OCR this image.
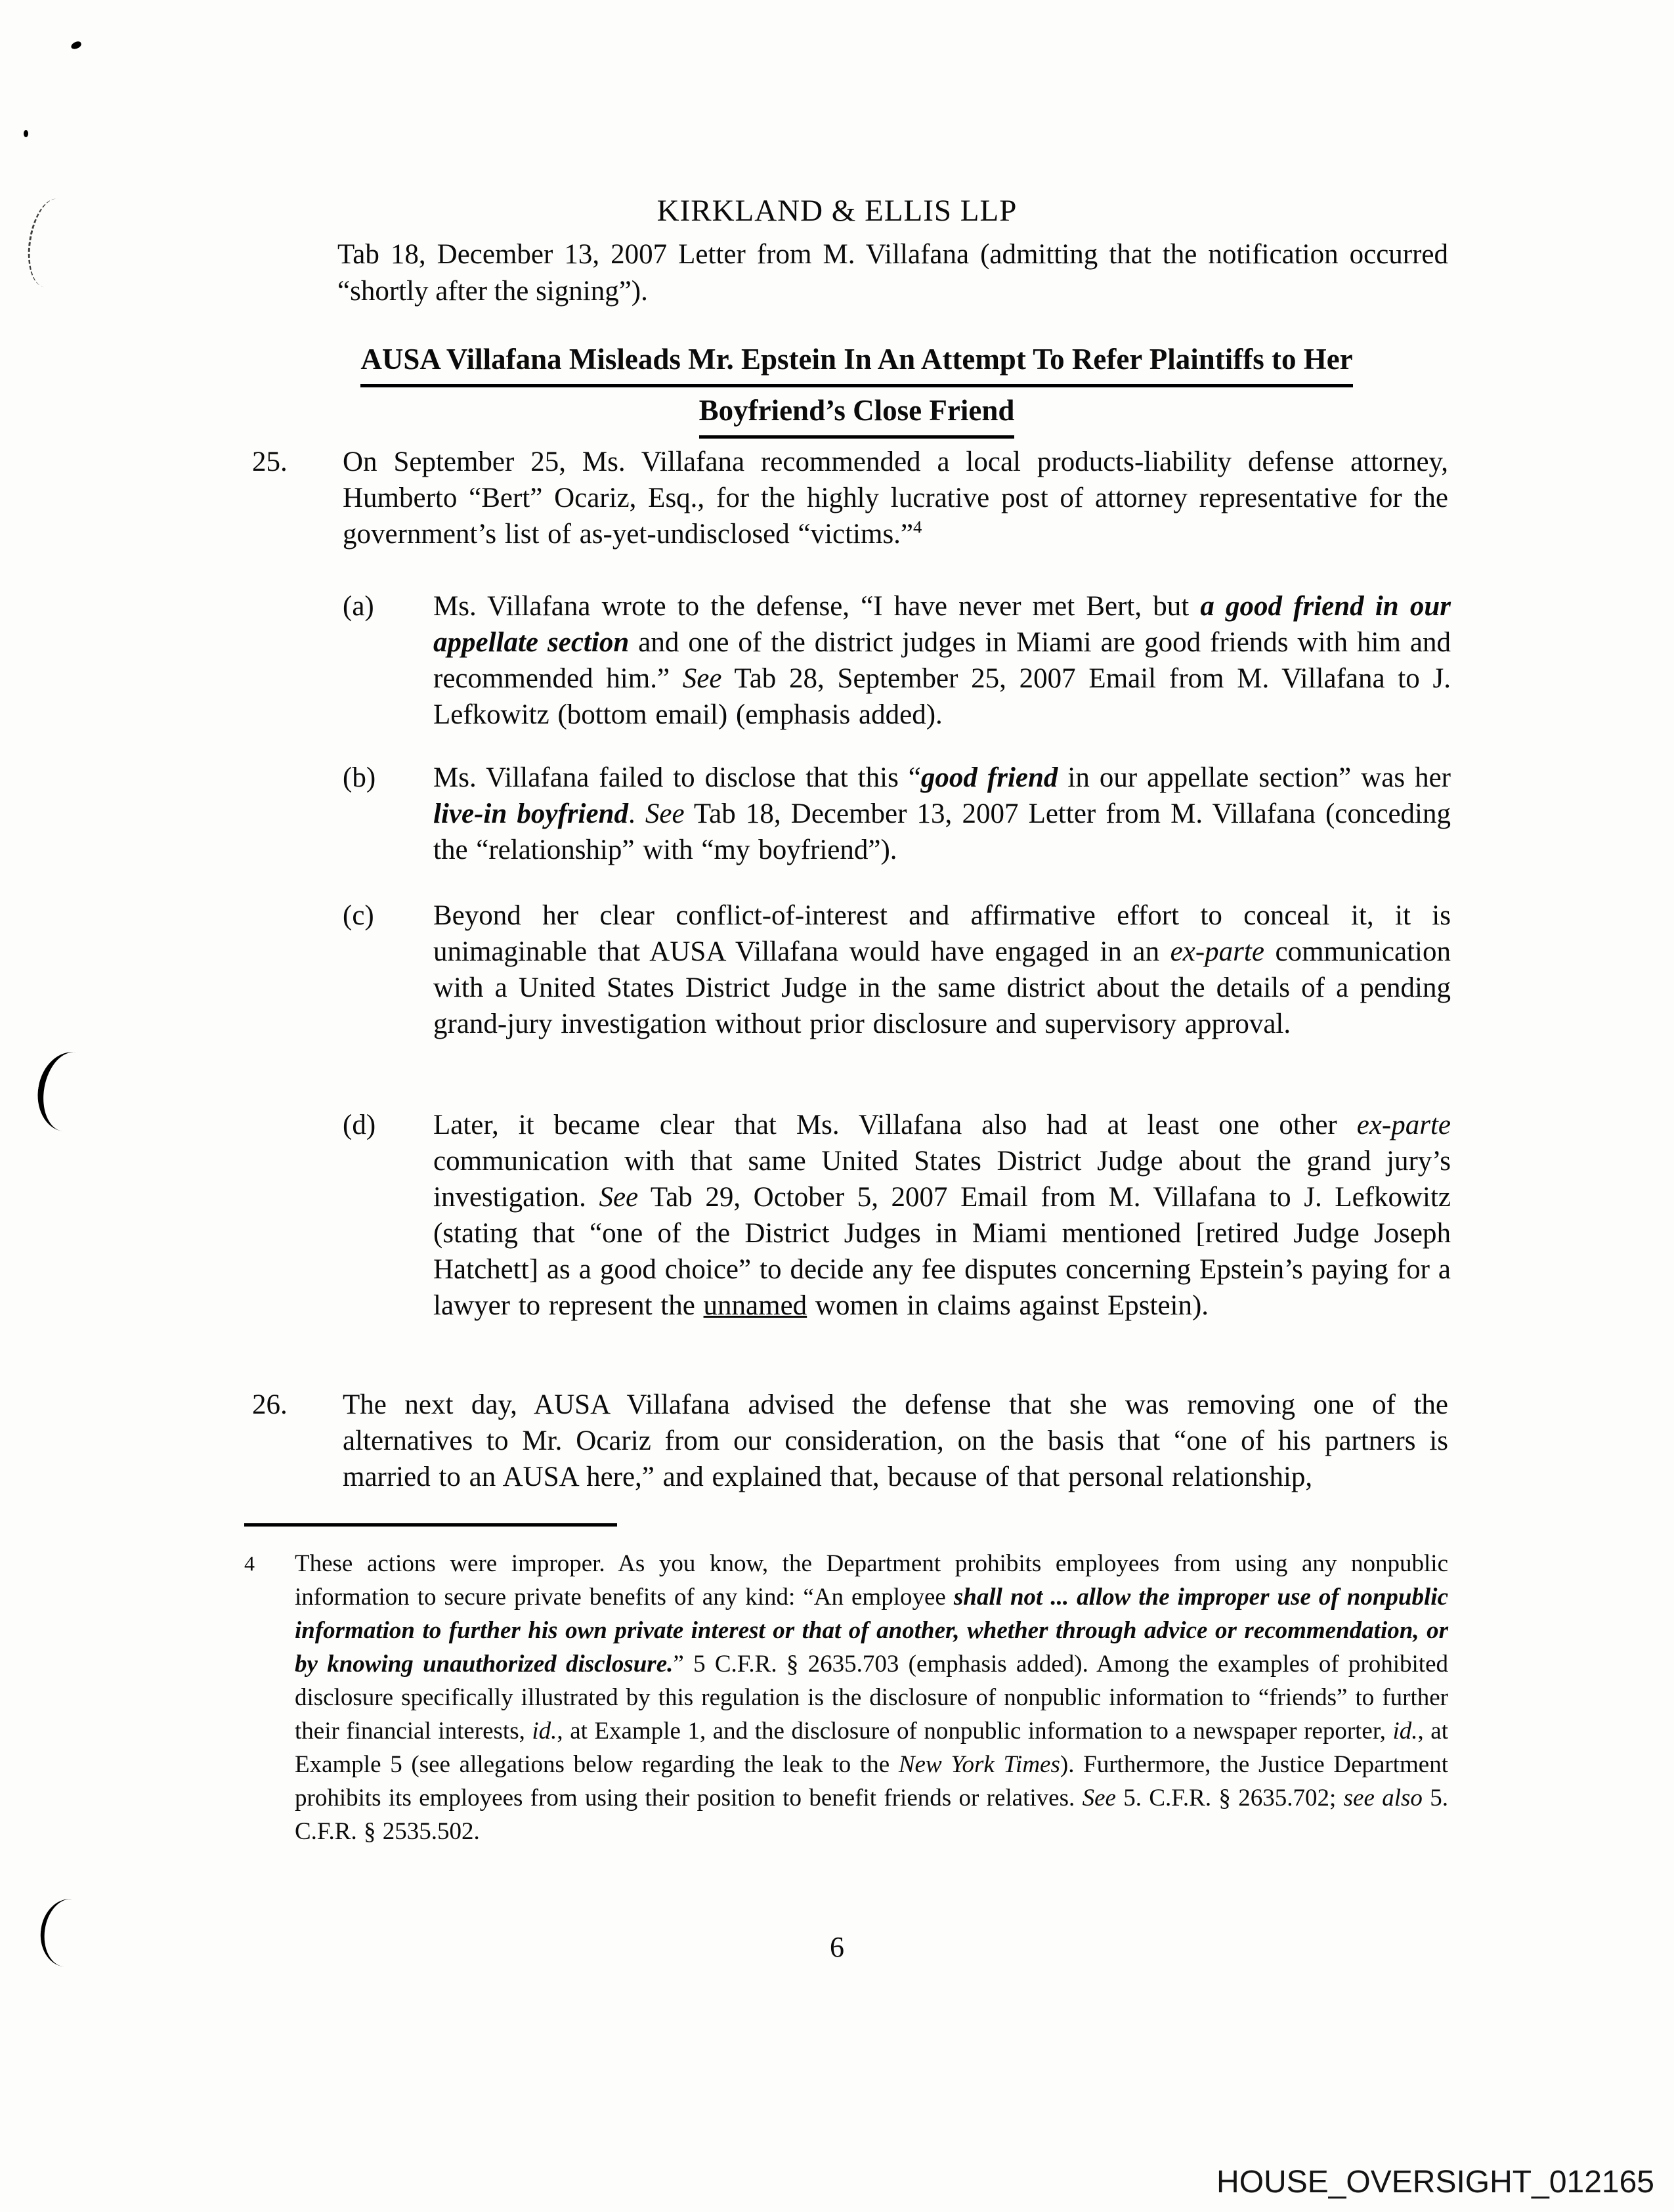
KIRKLAND & ELLIS LLP
Tab 18, December 13, 2007 Letter from M. Villafana (admitting that the notification occurred “shortly after the signing”).
AUSA Villafana Misleads Mr. Epstein In An Attempt To Refer Plaintiffs to Her
Boyfriend’s Close Friend
25.	On September 25, Ms. Villafana recommended a local products-liability defense attorney, Humberto “Bert” Ocariz, Esq., for the highly lucrative post of attorney representative for the government’s list of as-yet-undisclosed “victims.”$^4$
(a)	Ms. Villafana wrote to the defense, “I have never met Bert, but a good friend in our appellate section and one of the district judges in Miami are good friends with him and recommended him.” See Tab 28, September 25, 2007 Email from M. Villafana to J. Lefkowitz (bottom email) (emphasis added).
(b)	Ms. Villafana failed to disclose that this “good friend in our appellate section” was her live-in boyfriend. See Tab 18, December 13, 2007 Letter from M. Villafana (conceding the “relationship” with “my boyfriend”).
(c)	Beyond her clear conflict-of-interest and affirmative effort to conceal it, it is unimaginable that AUSA Villafana would have engaged in an ex-parte communication with a United States District Judge in the same district about the details of a pending grand-jury investigation without prior disclosure and supervisory approval.
(d)	Later, it became clear that Ms. Villafana also had at least one other ex-parte communication with that same United States District Judge about the grand jury’s investigation. See Tab 29, October 5, 2007 Email from M. Villafana to J. Lefkowitz (stating that “one of the District Judges in Miami mentioned [retired Judge Joseph Hatchett] as a good choice” to decide any fee disputes concerning Epstein’s paying for a lawyer to represent the unnamed women in claims against Epstein).
26.	The next day, AUSA Villafana advised the defense that she was removing one of the alternatives to Mr. Ocariz from our consideration, on the basis that “one of his partners is married to an AUSA here,” and explained that, because of that personal relationship,
4	These actions were improper. As you know, the Department prohibits employees from using any nonpublic information to secure private benefits of any kind: “An employee shall not ... allow the improper use of nonpublic information to further his own private interest or that of another, whether through advice or recommendation, or by knowing unauthorized disclosure.” 5 C.F.R. § 2635.703 (emphasis added). Among the examples of prohibited disclosure specifically illustrated by this regulation is the disclosure of nonpublic information to “friends” to further their financial interests, id., at Example 1, and the disclosure of nonpublic information to a newspaper reporter, id., at Example 5 (see allegations below regarding the leak to the New York Times). Furthermore, the Justice Department prohibits its employees from using their position to benefit friends or relatives. See 5. C.F.R. § 2635.702; see also 5. C.F.R. § 2535.502.
6
HOUSE_OVERSIGHT_012165
